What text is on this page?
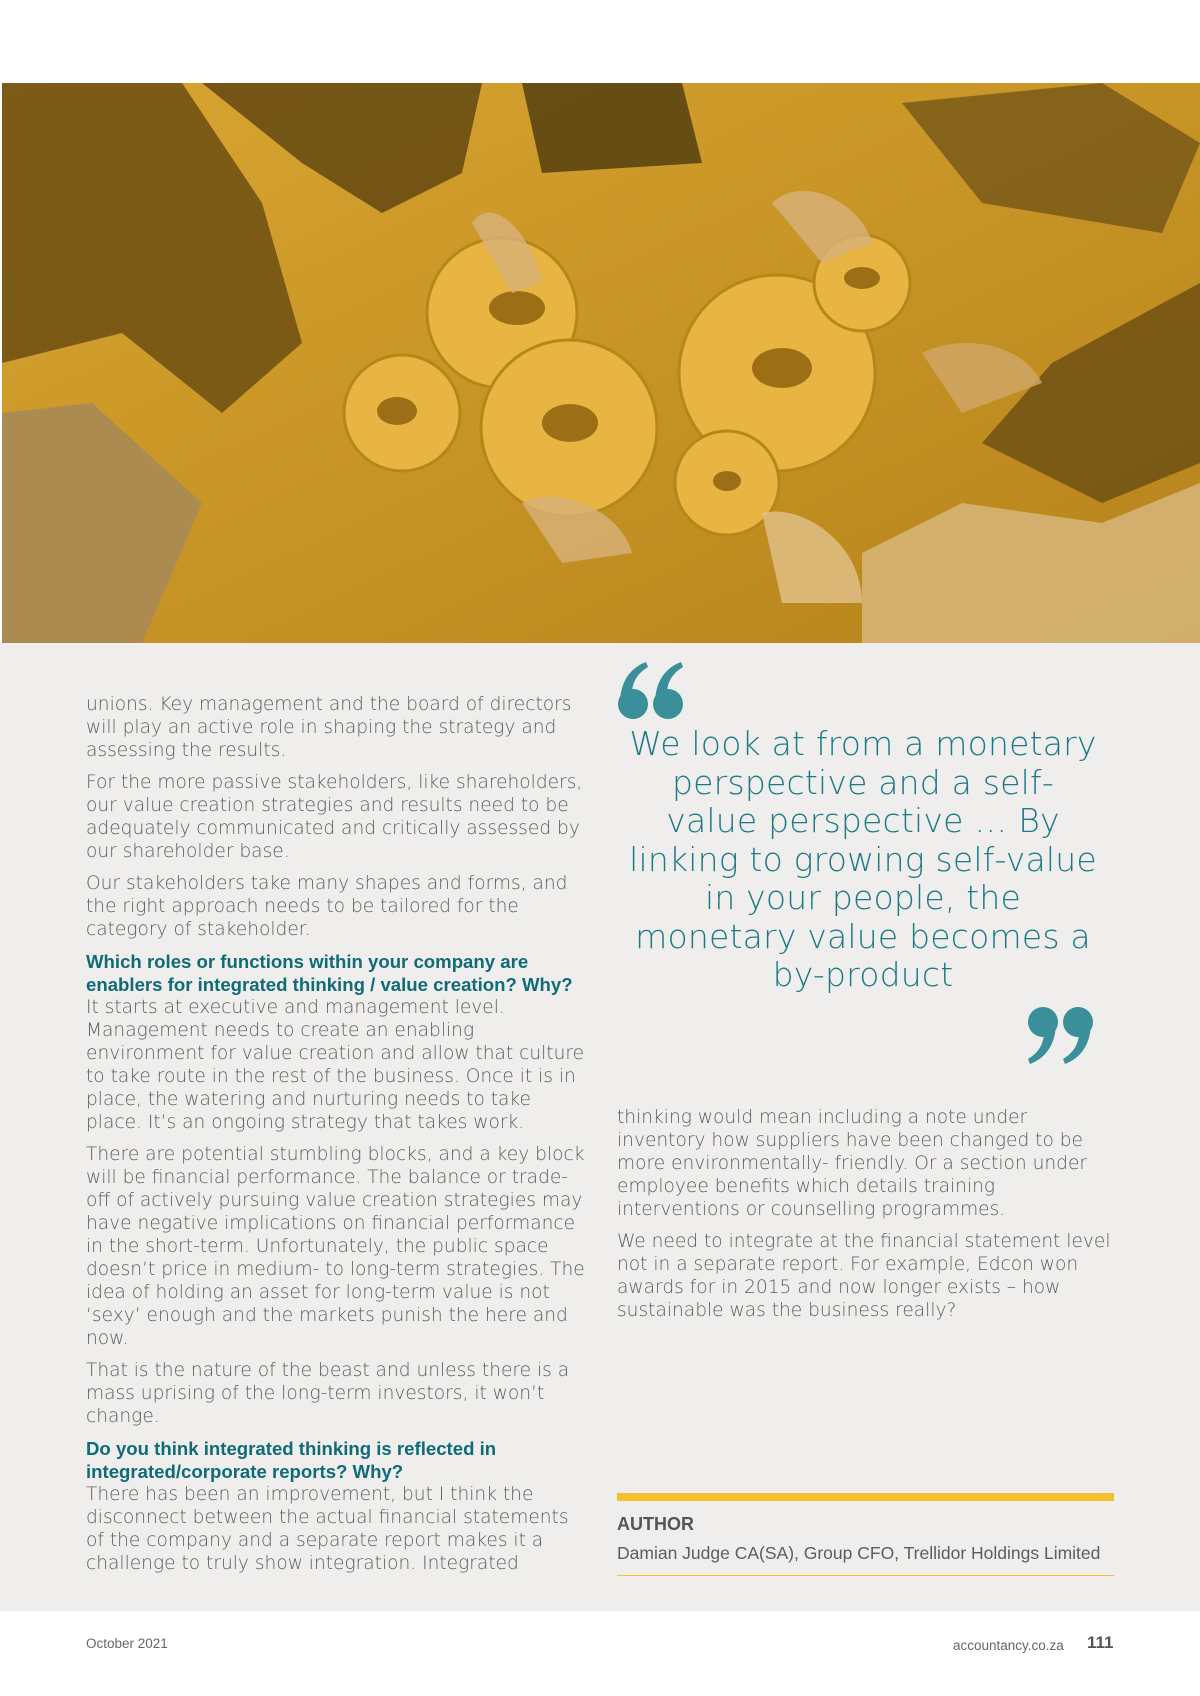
unions. Key management and the board of directors will play an active role in shaping the strategy and assessing the results.

For the more passive stakeholders, like shareholders, our value creation strategies and results need to be adequately communicated and critically assessed by our shareholder base.

Our stakeholders take many shapes and forms, and the right approach needs to be tailored for the category of stakeholder.

Which roles or functions within your company are enablers for integrated thinking / value creation? Why?

It starts at executive and management level. Management needs to create an enabling environment for value creation and allow that culture to take route in the rest of the business. Once it is in place, the watering and nurturing needs to take place. It’s an ongoing strategy that takes work.

There are potential stumbling blocks, and a key block will be financial performance. The balance or trade-off of actively pursuing value creation strategies may have negative implications on financial performance in the short-term. Unfortunately, the public space doesn’t price in medium- to long-term strategies. The idea of holding an asset for long-term value is not ‘sexy’ enough and the markets punish the here and now.

That is the nature of the beast and unless there is a mass uprising of the long-term investors, it won’t change.

Do you think integrated thinking is reflected in integrated/corporate reports? Why?

There has been an improvement, but I think the disconnect between the actual financial statements of the company and a separate report makes it a challenge to truly show integration. Integrated

We look at from a monetary perspective and a self-value perspective … By linking to growing self-value in your people, the monetary value becomes a by-product

thinking would mean including a note under inventory how suppliers have been changed to be more environmentally- friendly. Or a section under employee benefits which details training interventions or counselling programmes.

We need to integrate at the financial statement level not in a separate report. For example, Edcon won awards for in 2015 and now longer exists – how sustainable was the business really?

AUTHOR
Damian Judge CA(SA), Group CFO, Trellidor Holdings Limited
October 2021	accountancy.co.za 111
